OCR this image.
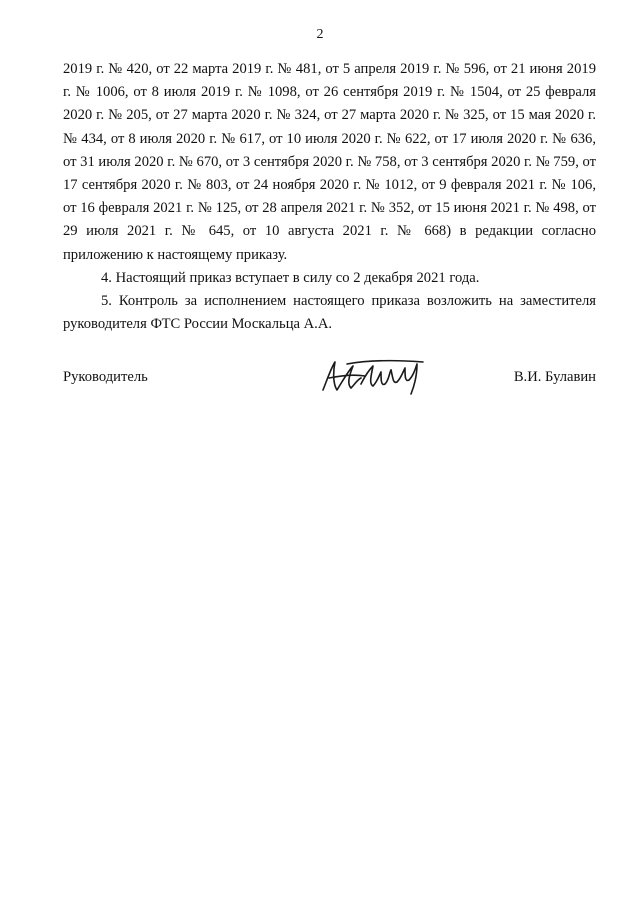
2

2019 г. № 420, от 22 марта 2019 г. № 481, от 5 апреля 2019 г. № 596, от 21 июня 2019 г. № 1006, от 8 июля 2019 г. № 1098, от 26 сентября 2019 г. № 1504, от 25 февраля 2020 г. № 205, от 27 марта 2020 г. № 324, от 27 марта 2020 г. № 325, от 15 мая 2020 г. № 434, от 8 июля 2020 г. № 617, от 10 июля 2020 г. № 622, от 17 июля 2020 г. № 636, от 31 июля 2020 г. № 670, от 3 сентября 2020 г. № 758, от 3 сентября 2020 г. № 759, от 17 сентября 2020 г. № 803, от 24 ноября 2020 г. № 1012, от 9 февраля 2021 г. № 106, от 16 февраля 2021 г. № 125, от 28 апреля 2021 г. № 352, от 15 июня 2021 г. № 498, от 29 июля 2021 г. № 645, от 10 августа 2021 г. № 668) в редакции согласно приложению к настоящему приказу.

4. Настоящий приказ вступает в силу со 2 декабря 2021 года.

5. Контроль за исполнением настоящего приказа возложить на заместителя руководителя ФТС России Москальца А.А.

Руководитель	В.И. Булавин
